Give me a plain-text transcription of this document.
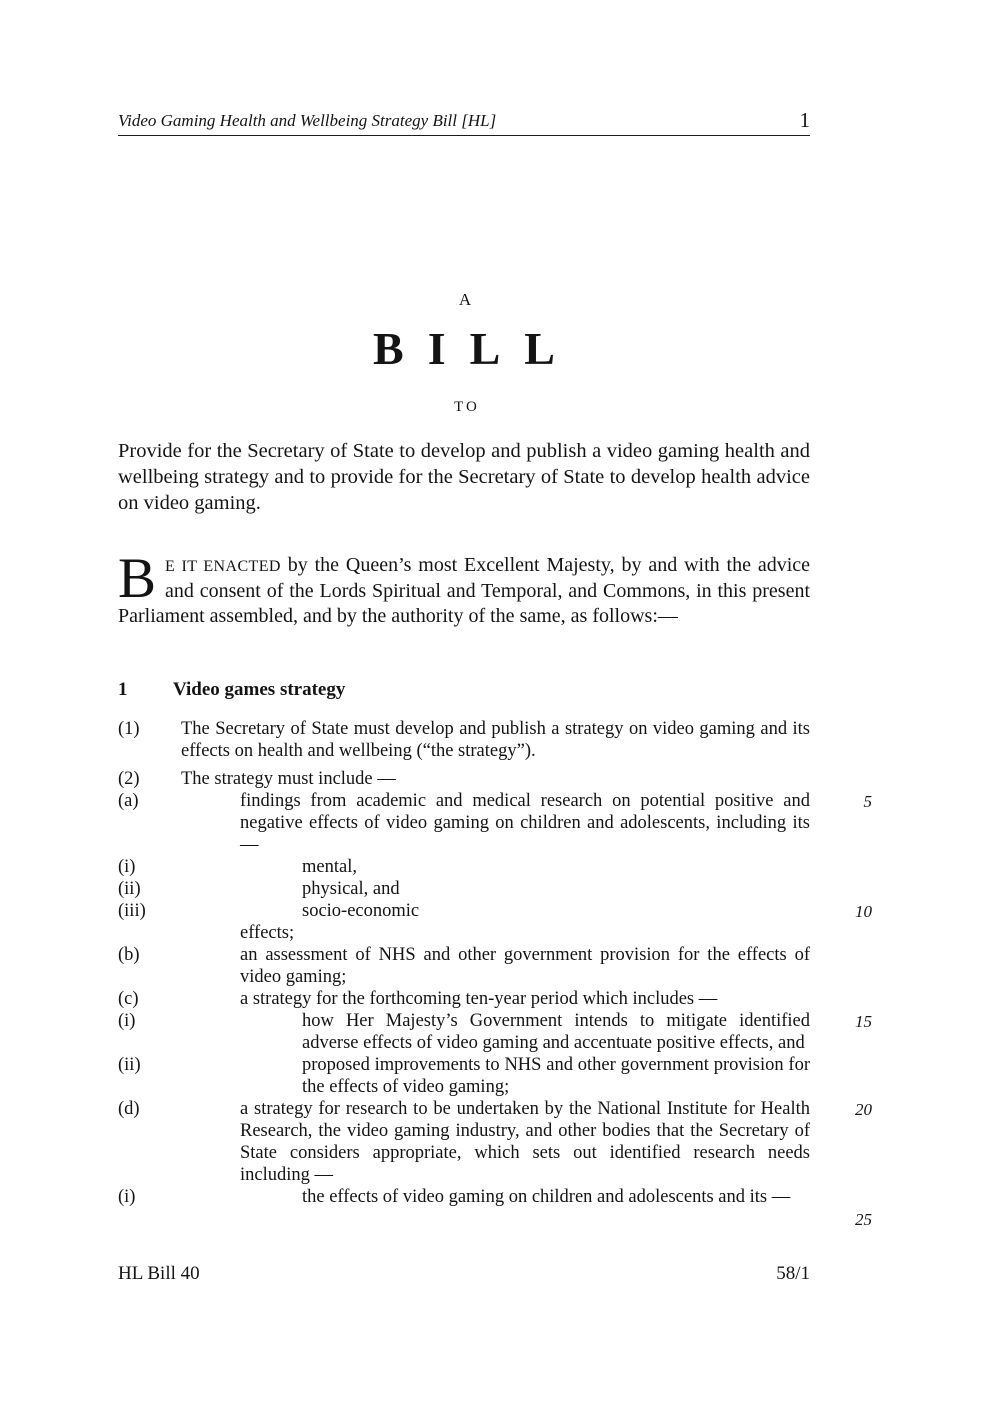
Video Gaming Health and Wellbeing Strategy Bill [HL]	1
A
BILL
TO

Provide for the Secretary of State to develop and publish a video gaming health and wellbeing strategy and to provide for the Secretary of State to develop health advice on video gaming.

B E IT ENACTED by the Queen’s most Excellent Majesty, by and with the advice and consent of the Lords Spiritual and Temporal, and Commons, in this present Parliament assembled, and by the authority of the same, as follows:—
1	Video games strategy
(1)	The Secretary of State must develop and publish a strategy on video gaming and its effects on health and wellbeing (“the strategy”).
(2)	The strategy must include —
(a)	findings from academic and medical research on potential positive and negative effects of video gaming on children and adolescents, including its —
5
(i)	mental,
(ii)	physical, and
(iii)	socio-economic	10
effects;
(b)	an assessment of NHS and other government provision for the effects of video gaming;
(c)	a strategy for the forthcoming ten-year period which includes —
(i)	how Her Majesty’s Government intends to mitigate identified adverse effects of video gaming and accentuate positive effects, and
15
(ii)	proposed improvements to NHS and other government provision for the effects of video gaming;
(d)	a strategy for research to be undertaken by the National Institute for Health Research, the video gaming industry, and other bodies that the Secretary of State considers appropriate, which sets out identified research needs including —
20
(i)	the effects of video gaming on children and adolescents and its —
25
HL Bill 40	58/1
